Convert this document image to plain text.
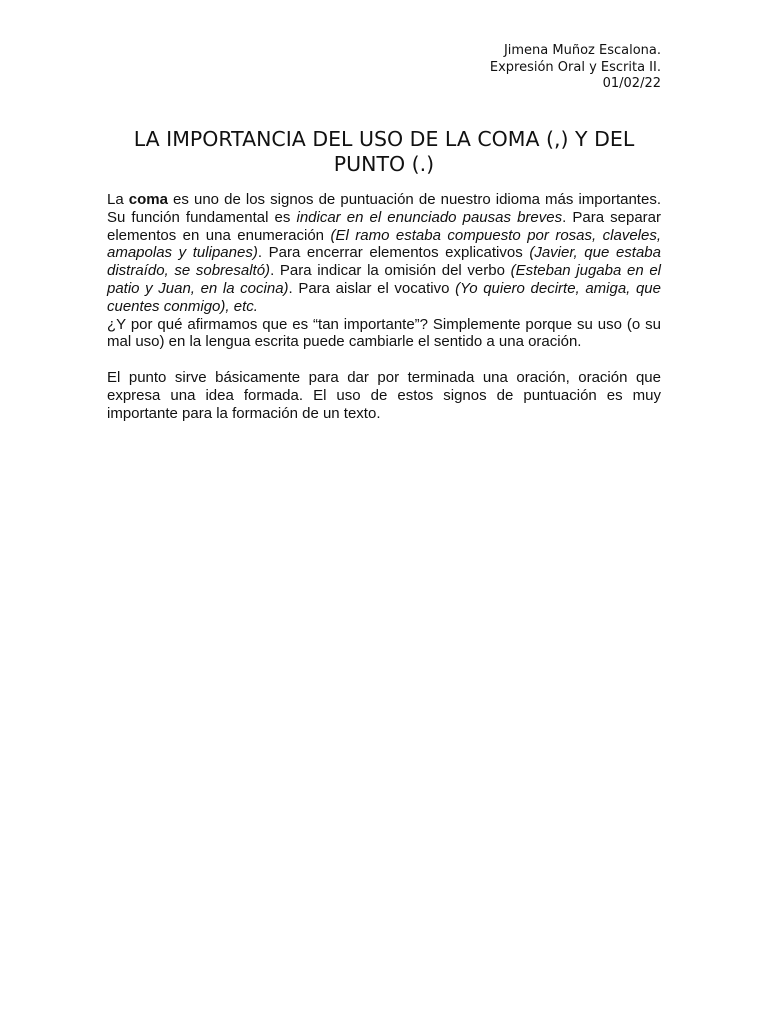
Jimena Muñoz Escalona.
Expresión Oral y Escrita II.
01/02/22
LA IMPORTANCIA DEL USO DE LA COMA (,) Y DEL
PUNTO (.)

La coma es uno de los signos de puntuación de nuestro idioma más importantes. Su función fundamental es indicar en el enunciado pausas breves. Para separar elementos en una enumeración (El ramo estaba compuesto por rosas, claveles, amapolas y tulipanes). Para encerrar elementos explicativos (Javier, que estaba distraído, se sobresaltó). Para indicar la omisión del verbo (Esteban jugaba en el patio y Juan, en la cocina). Para aislar el vocativo (Yo quiero decirte, amiga, que cuentes conmigo), etc.

¿Y por qué afirmamos que es “tan importante”? Simplemente porque su uso (o su mal uso) en la lengua escrita puede cambiarle el sentido a una oración.

El punto sirve básicamente para dar por terminada una oración, oración que expresa una idea formada. El uso de estos signos de puntuación es muy importante para la formación de un texto.
